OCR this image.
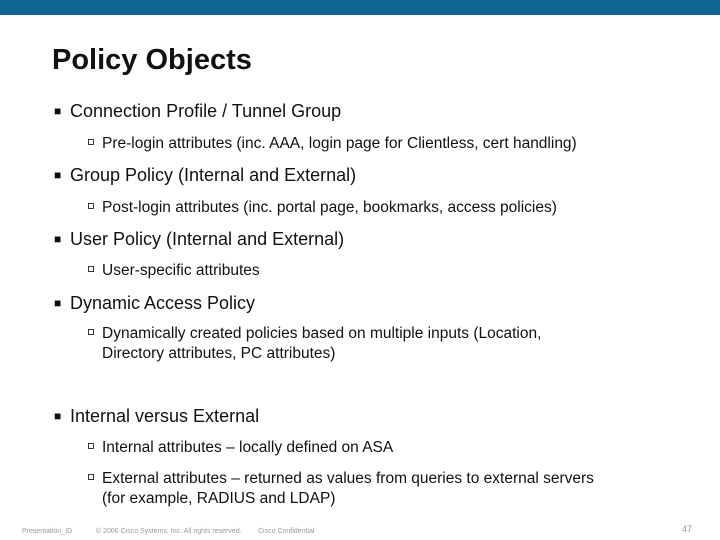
Policy Objects
■ Connection Profile / Tunnel Group
Pre-login attributes (inc. AAA, login page for Clientless, cert handling)
■ Group Policy (Internal and External)
Post-login attributes (inc. portal page, bookmarks, access policies)
■ User Policy (Internal and External)
User-specific attributes
■ Dynamic Access Policy
Dynamically created policies based on multiple inputs (Location,
Directory attributes, PC attributes)
■ Internal versus External
Internal attributes – locally defined on ASA
External attributes – returned as values from queries to external servers
(for example, RADIUS and LDAP)
Presentation_ID	© 2006 Cisco Systems, Inc. All rights reserved. Cisco Confidential	47
